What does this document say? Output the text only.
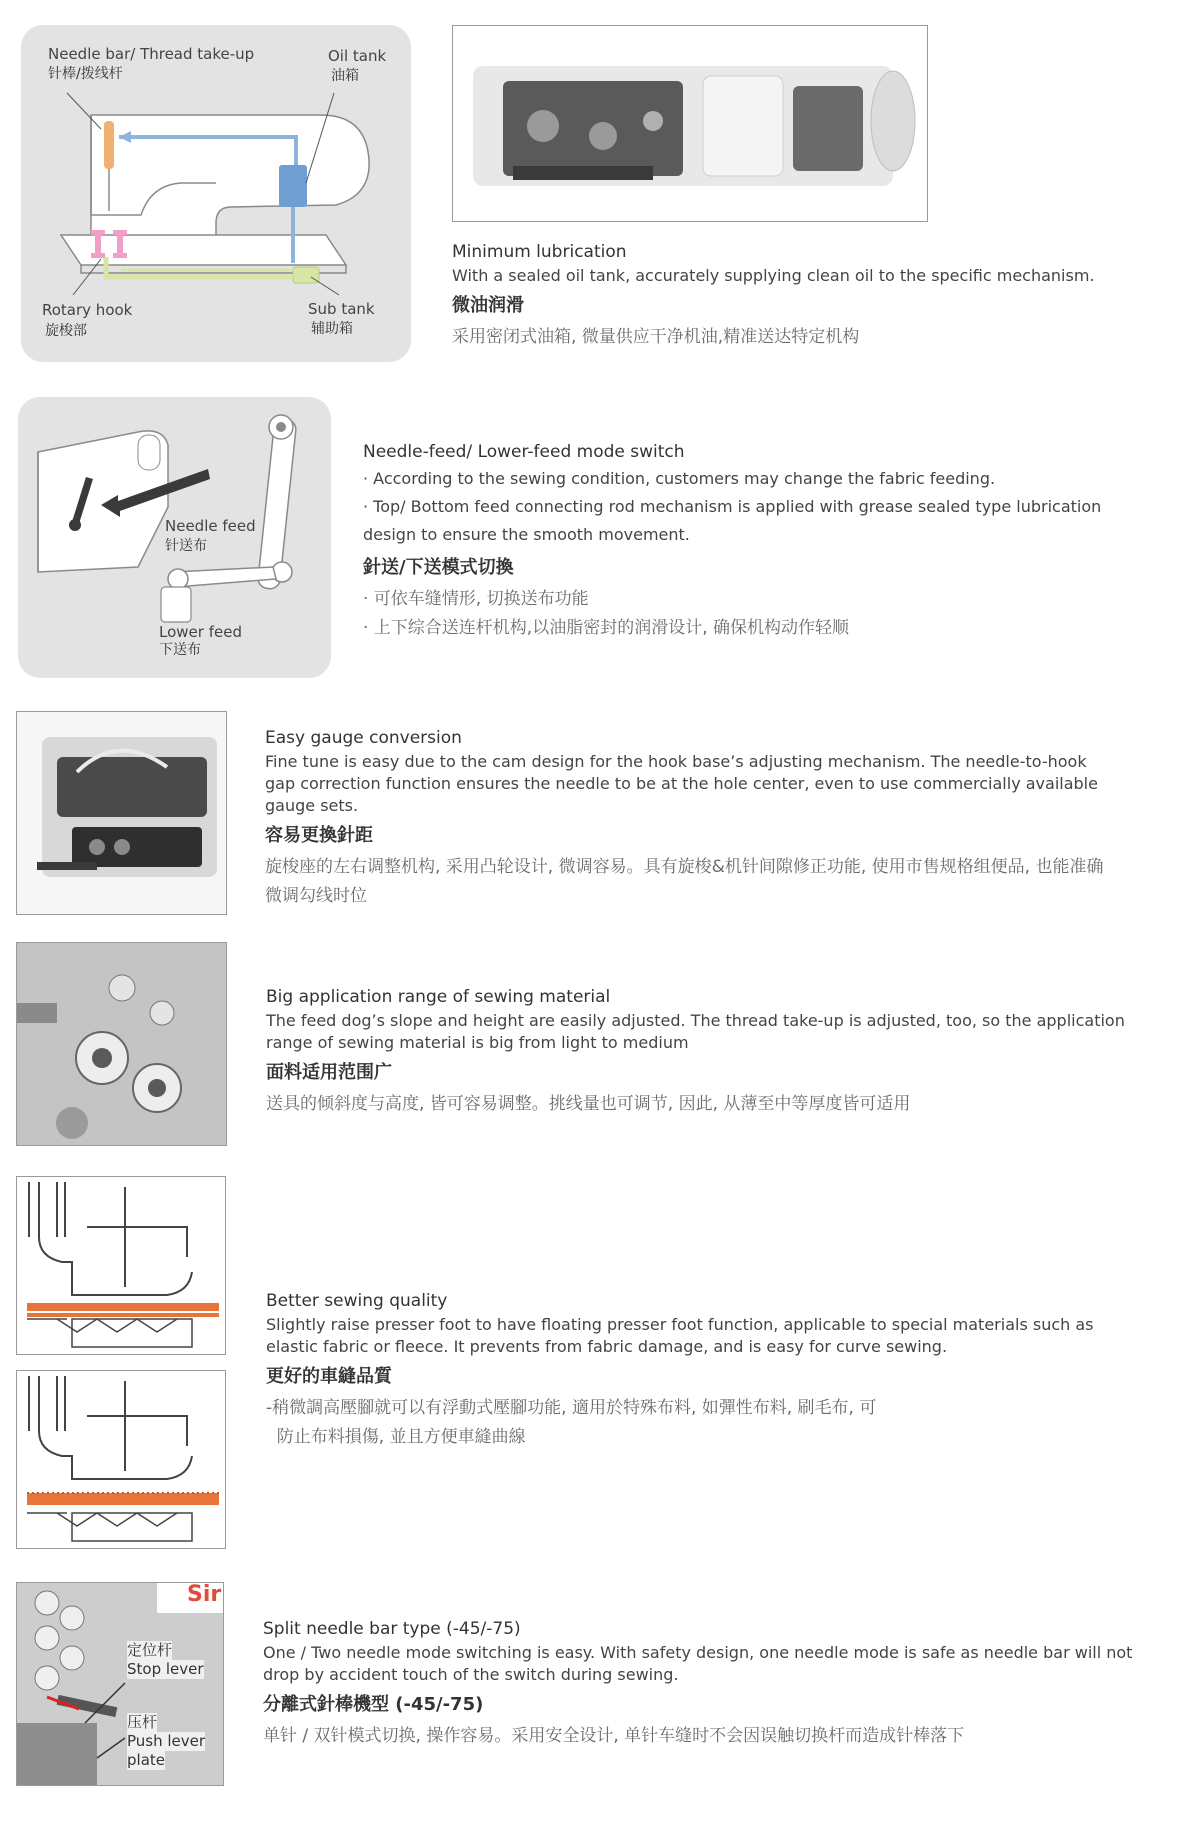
Needle bar/ Thread take-up
针棒/拨线杆
Oil tank
油箱
Rotary hook
旋梭部
Sub tank
辅助箱
Minimum lubrication
With a sealed oil tank, accurately supplying clean oil to the specific mechanism.
微油润滑
采用密闭式油箱, 微量供应干净机油,精准送达特定机构
Needle feed
针送布
Lower feed
下送布
Needle-feed/ Lower-feed mode switch
· According to the sewing condition, customers may change the fabric feeding.
· Top/ Bottom feed connecting rod mechanism is applied with grease sealed type lubrication
design to ensure the smooth movement.
針送/下送模式切換
· 可依车缝情形, 切换送布功能
· 上下综合送连杆机构,以油脂密封的润滑设计, 确保机构动作轻顺
Easy gauge conversion
Fine tune is easy due to the cam design for the hook base’s adjusting mechanism. The needle-to-hook gap correction function ensures the needle to be at the hole center, even to use commercially available gauge sets.
容易更換針距
旋梭座的左右调整机构, 采用凸轮设计, 微调容易。具有旋梭&机针间隙修正功能, 使用市售规格组便品, 也能准确微调勾线时位
Big application range of sewing material
The feed dog’s slope and height are easily adjusted. The thread take-up is adjusted, too, so the application range of sewing material is big from light to medium
面料适用范围广
送具的倾斜度与高度, 皆可容易调整。挑线量也可调节, 因此, 从薄至中等厚度皆可适用
Better sewing quality
Slightly raise presser foot to have floating presser foot function, applicable to special materials such as elastic fabric or fleece. It prevents from fabric damage, and is easy for curve sewing.
更好的車縫品質
-稍微調高壓腳就可以有浮動式壓腳功能, 適用於特殊布料, 如彈性布料, 刷毛布, 可
防止布料損傷, 並且方便車縫曲線
Sir
定位杆
Stop lever
压杆
Push lever
plate
Split needle bar type (-45/-75)
One / Two needle mode switching is easy. With safety design, one needle mode is safe as needle bar will not drop by accident touch of the switch during sewing.
分離式針棒機型 (-45/-75)
单针 / 双针模式切换, 操作容易。采用安全设计, 单针车缝时不会因误触切换杆而造成针棒落下
